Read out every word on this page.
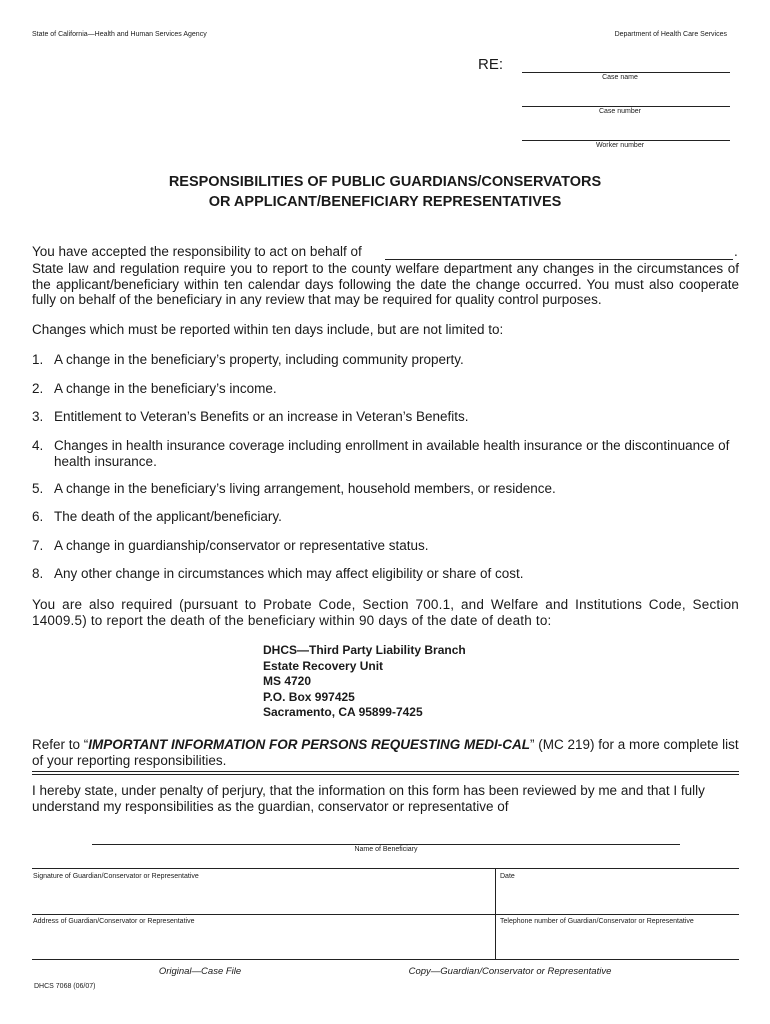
State of California—Health and Human Services Agency	Department of Health Care Services
RE:
Case name
Case number
Worker number
RESPONSIBILITIES OF PUBLIC GUARDIANS/CONSERVATORS
OR APPLICANT/BENEFICIARY REPRESENTATIVES
You have accepted the responsibility to act on behalf of	.
State law and regulation require you to report to the county welfare department any changes in the circumstances of the applicant/beneficiary within ten calendar days following the date the change occurred. You must also cooperate fully on behalf of the beneficiary in any review that may be required for quality control purposes.
Changes which must be reported within ten days include, but are not limited to:
1. A change in the beneficiary’s property, including community property.
2. A change in the beneficiary’s income.
3. Entitlement to Veteran’s Benefits or an increase in Veteran’s Benefits.
4. Changes in health insurance coverage including enrollment in available health insurance or the discontinuance of health insurance.
5. A change in the beneficiary’s living arrangement, household members, or residence.
6. The death of the applicant/beneficiary.
7. A change in guardianship/conservator or representative status.
8. Any other change in circumstances which may affect eligibility or share of cost.
You are also required (pursuant to Probate Code, Section 700.1, and Welfare and Institutions Code, Section 14009.5) to report the death of the beneficiary within 90 days of the date of death to:
DHCS—Third Party Liability Branch
Estate Recovery Unit
MS 4720
P.O. Box 997425
Sacramento, CA 95899-7425
Refer to “IMPORTANT INFORMATION FOR PERSONS REQUESTING MEDI-CAL” (MC 219) for a more complete list of your reporting responsibilities.
I hereby state, under penalty of perjury, that the information on this form has been reviewed by me and that I fully understand my responsibilities as the guardian, conservator or representative of
Name of Beneficiary
Signature of Guardian/Conservator or Representative	Date
Address of Guardian/Conservator or Representative	Telephone number of Guardian/Conservator or Representative
Original—Case File	Copy—Guardian/Conservator or Representative
DHCS 7068 (06/07)
